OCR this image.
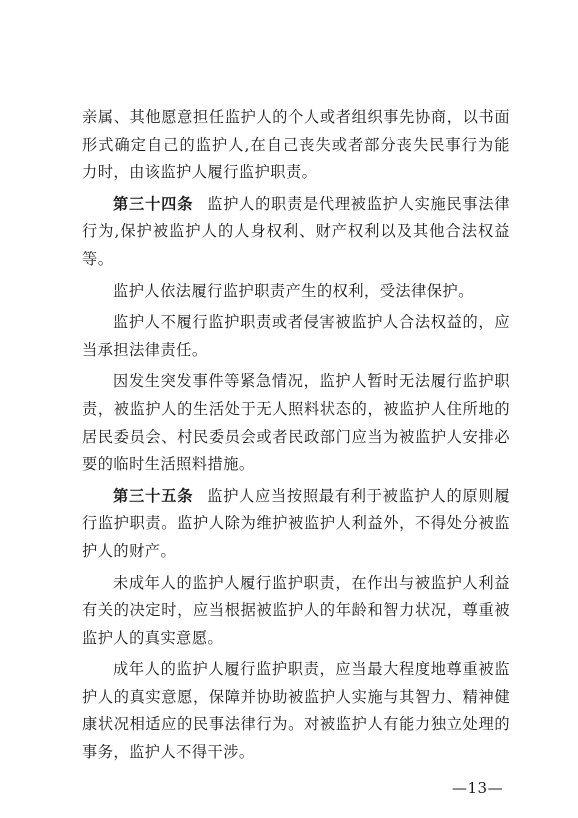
亲属、其他愿意担任监护人的个人或者组织事先协商，以书面形式确定自己的监护人,在自己丧失或者部分丧失民事行为能力时，由该监护人履行监护职责。

第三十四条 监护人的职责是代理被监护人实施民事法律行为,保护被监护人的人身权利、财产权利以及其他合法权益等。

监护人依法履行监护职责产生的权利，受法律保护。

监护人不履行监护职责或者侵害被监护人合法权益的，应当承担法律责任。

因发生突发事件等紧急情况，监护人暂时无法履行监护职责，被监护人的生活处于无人照料状态的，被监护人住所地的居民委员会、村民委员会或者民政部门应当为被监护人安排必要的临时生活照料措施。

第三十五条 监护人应当按照最有利于被监护人的原则履行监护职责。监护人除为维护被监护人利益外，不得处分被监护人的财产。

未成年人的监护人履行监护职责，在作出与被监护人利益有关的决定时，应当根据被监护人的年龄和智力状况，尊重被监护人的真实意愿。

成年人的监护人履行监护职责，应当最大程度地尊重被监护人的真实意愿，保障并协助被监护人实施与其智力、精神健康状况相适应的民事法律行为。对被监护人有能力独立处理的事务，监护人不得干涉。

—13—
